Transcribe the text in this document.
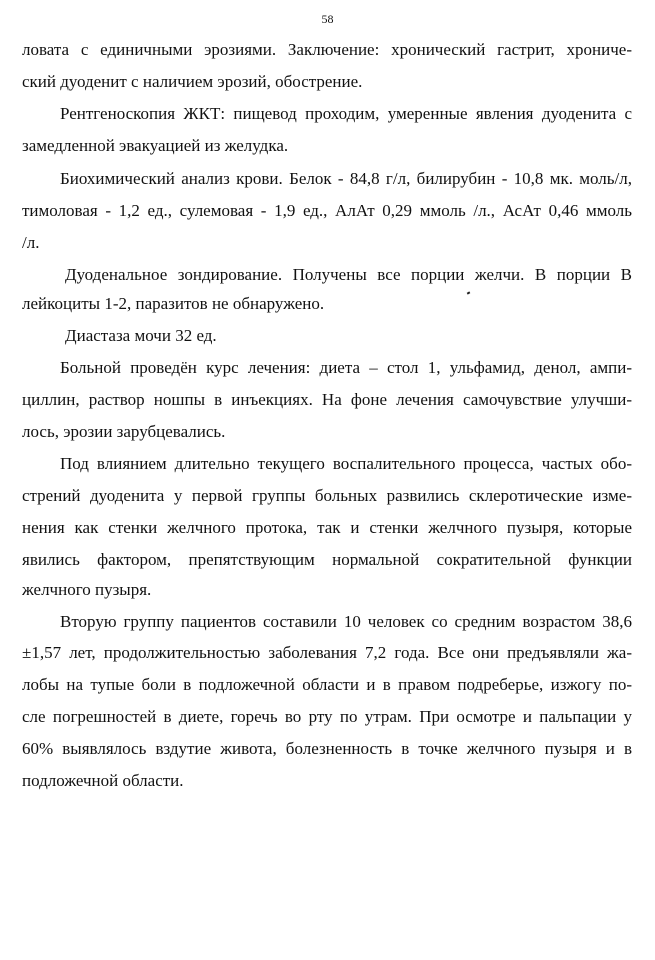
58
ловата с единичными эрозиями. Заключение: хронический гастрит, хрониче-
ский дуоденит с наличием эрозий, обострение.
Рентгеноскопия ЖКТ: пищевод проходим, умеренные явления дуоденита с
замедленной эвакуацией из желудка.
Биохимический анализ крови. Белок - 84,8 г/л, билирубин - 10,8 мк. моль/л,
тимоловая - 1,2 ед., сулемовая - 1,9 ед., АлАт 0,29 ммоль /л., АсАт 0,46 ммоль
/л.
Дуоденальное зондирование. Получены все порции желчи. В порции В
лейкоциты 1-2, паразитов не обнаружено.
Диастаза мочи 32 ед.
Больной проведён курс лечения: диета – стол 1, ульфамид, денол, ампи-
циллин, раствор ношпы в инъекциях. На фоне лечения самочувствие улучши-
лось, эрозии зарубцевались.
Под влиянием длительно текущего воспалительного процесса, частых обо-
стрений дуоденита у первой группы больных развились склеротические изме-
нения как стенки желчного протока, так и стенки желчного пузыря, которые
явились фактором, препятствующим нормальной сократительной функции
желчного пузыря.
Вторую группу пациентов составили 10 человек со средним возрастом 38,6
±1,57 лет, продолжительностью заболевания 7,2 года. Все они предъявляли жа-
лобы на тупые боли в подложечной области и в правом подреберье, изжогу по-
сле погрешностей в диете, горечь во рту по утрам. При осмотре и пальпации у
60% выявлялось вздутие живота, болезненность в точке желчного пузыря и в
подложечной области.
